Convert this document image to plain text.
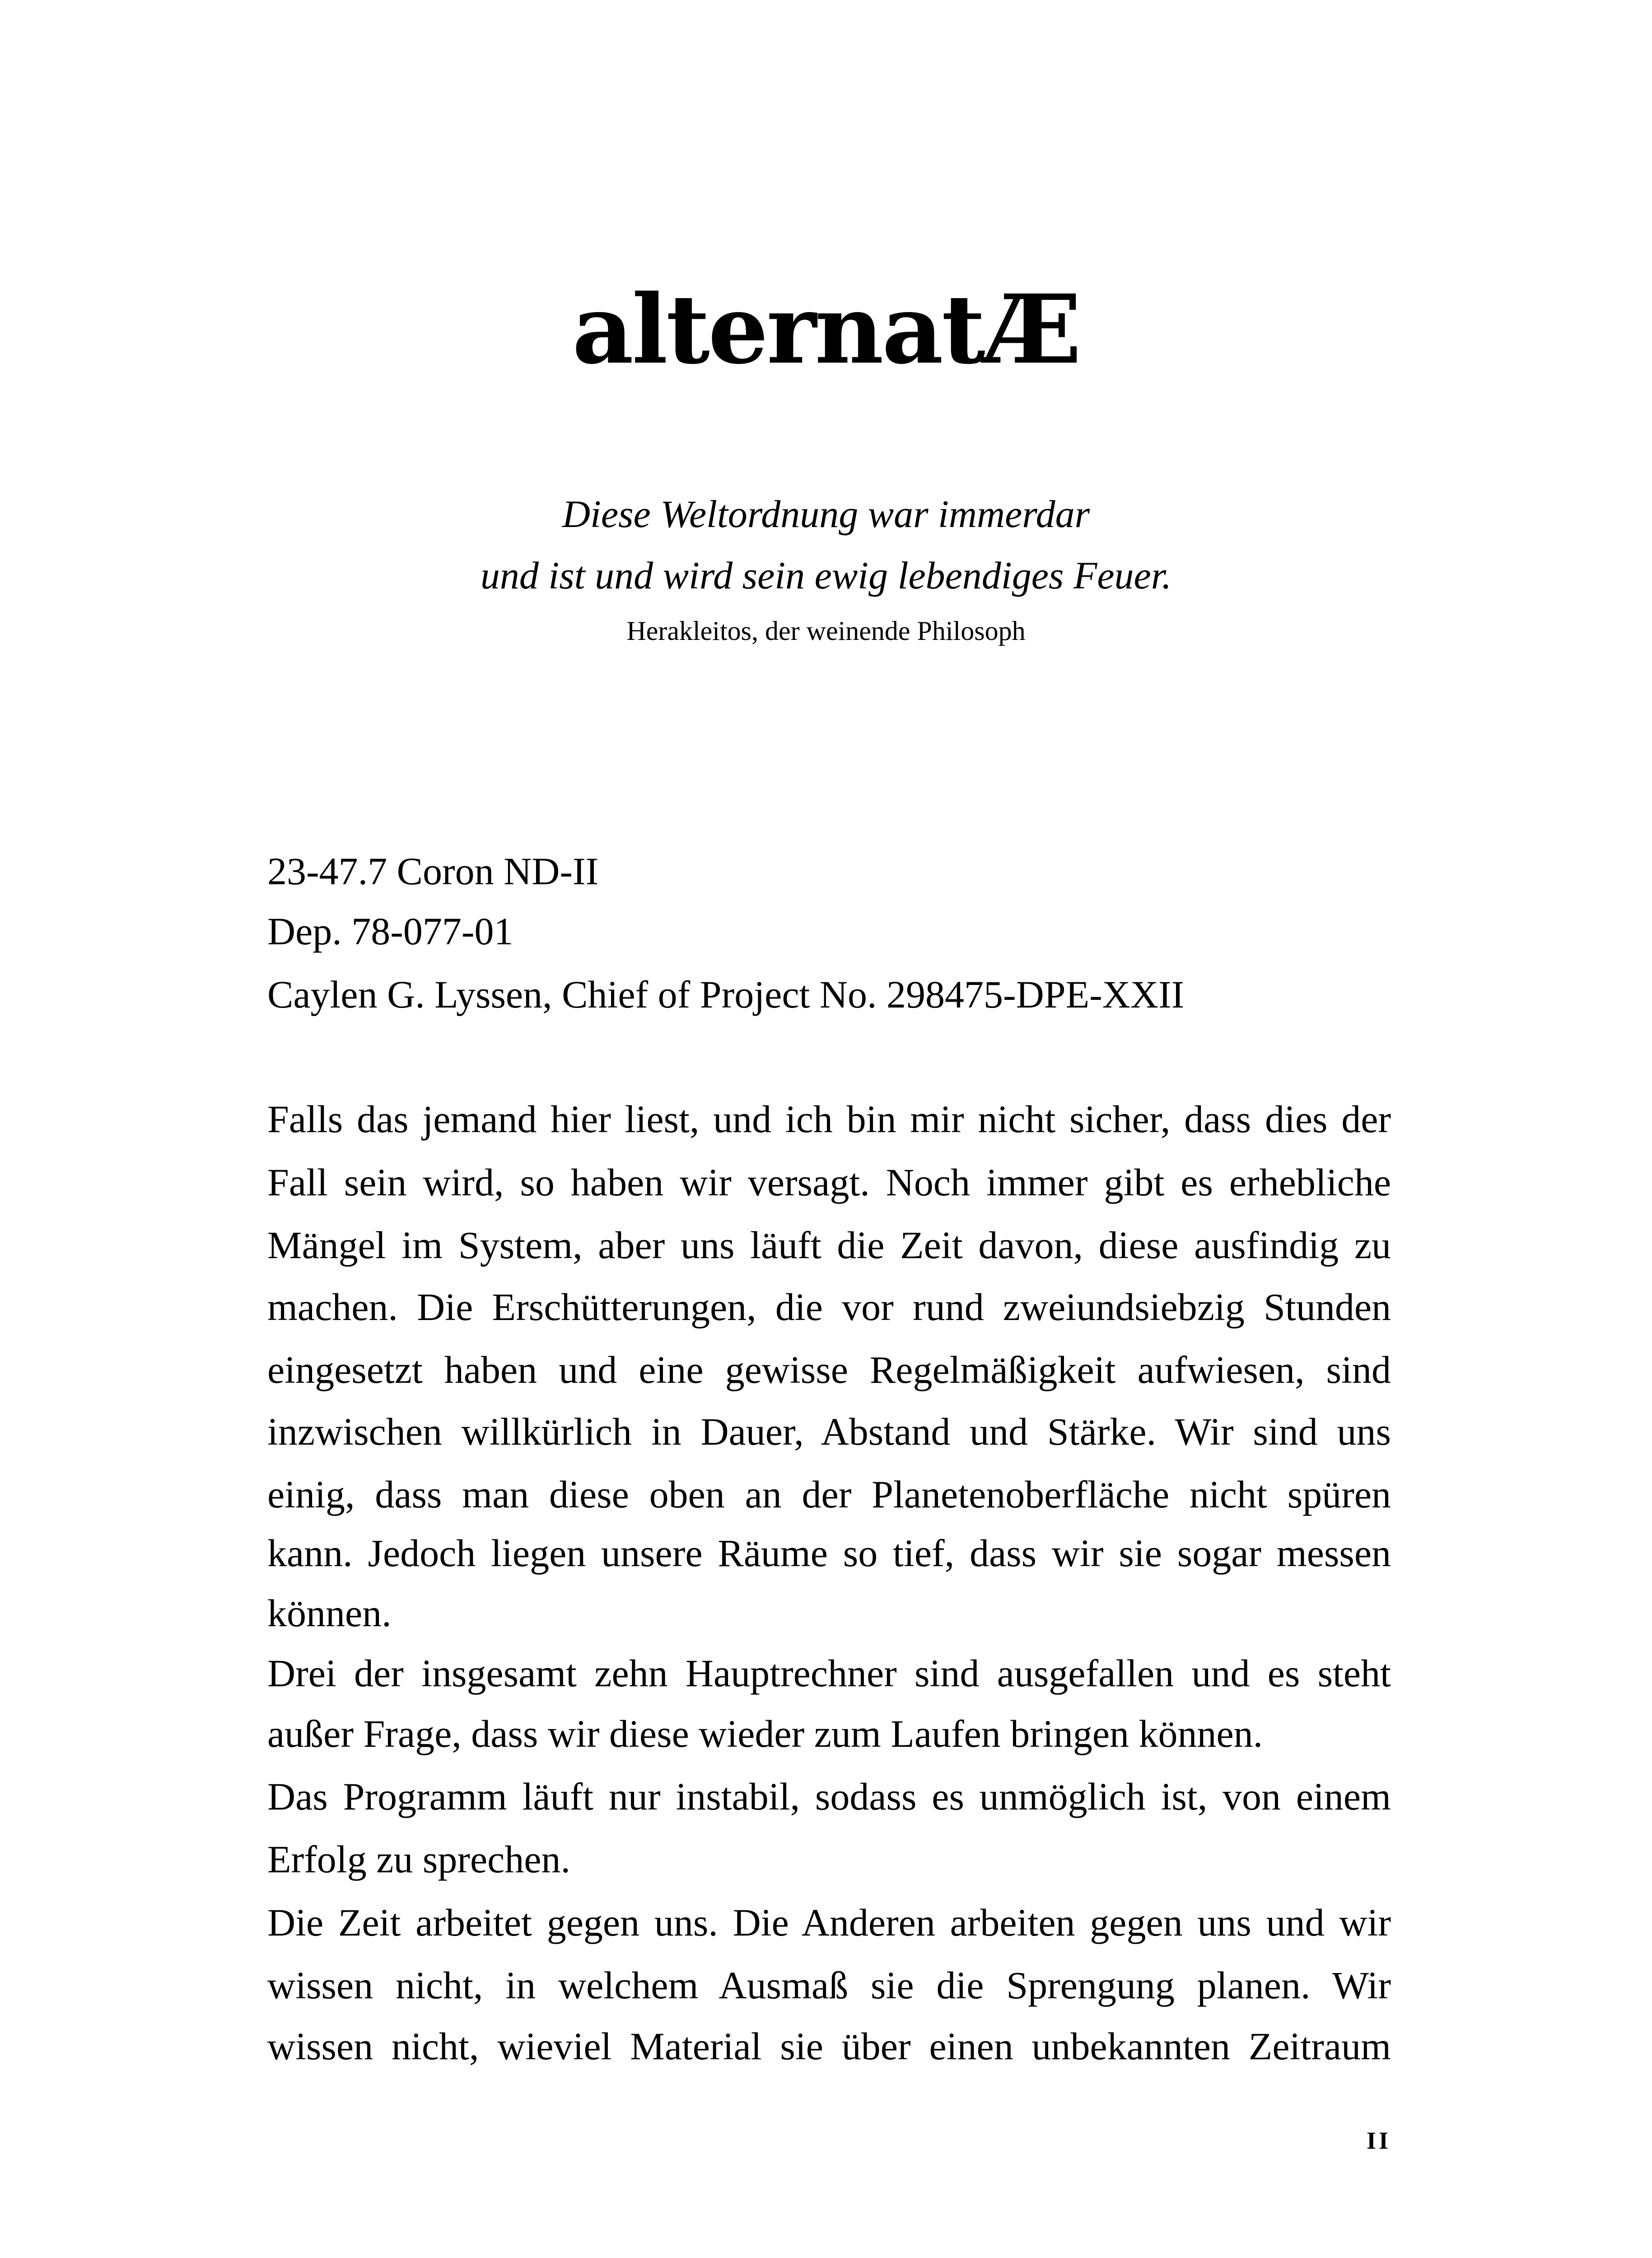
alternatÆ
Diese Weltordnung war immerdar
und ist und wird sein ewig lebendiges Feuer.
Herakleitos, der weinende Philosoph
23-47.7 Coron ND-II
Dep. 78-077-01
Caylen G. Lyssen, Chief of Project No. 298475-DPE-XXII
Falls das jemand hier liest, und ich bin mir nicht sicher, dass dies der
Fall sein wird, so haben wir versagt. Noch immer gibt es erhebliche
Mängel im System, aber uns läuft die Zeit davon, diese ausfindig zu
machen. Die Erschütterungen, die vor rund zweiundsiebzig Stunden
eingesetzt haben und eine gewisse Regelmäßigkeit aufwiesen, sind
inzwischen willkürlich in Dauer, Abstand und Stärke. Wir sind uns
einig, dass man diese oben an der Planetenoberfläche nicht spüren
kann. Jedoch liegen unsere Räume so tief, dass wir sie sogar messen
können.
Drei der insgesamt zehn Hauptrechner sind ausgefallen und es steht
außer Frage, dass wir diese wieder zum Laufen bringen können.
Das Programm läuft nur instabil, sodass es unmöglich ist, von einem
Erfolg zu sprechen.
Die Zeit arbeitet gegen uns. Die Anderen arbeiten gegen uns und wir
wissen nicht, in welchem Ausmaß sie die Sprengung planen. Wir
wissen nicht, wieviel Material sie über einen unbekannten Zeitraum
II
